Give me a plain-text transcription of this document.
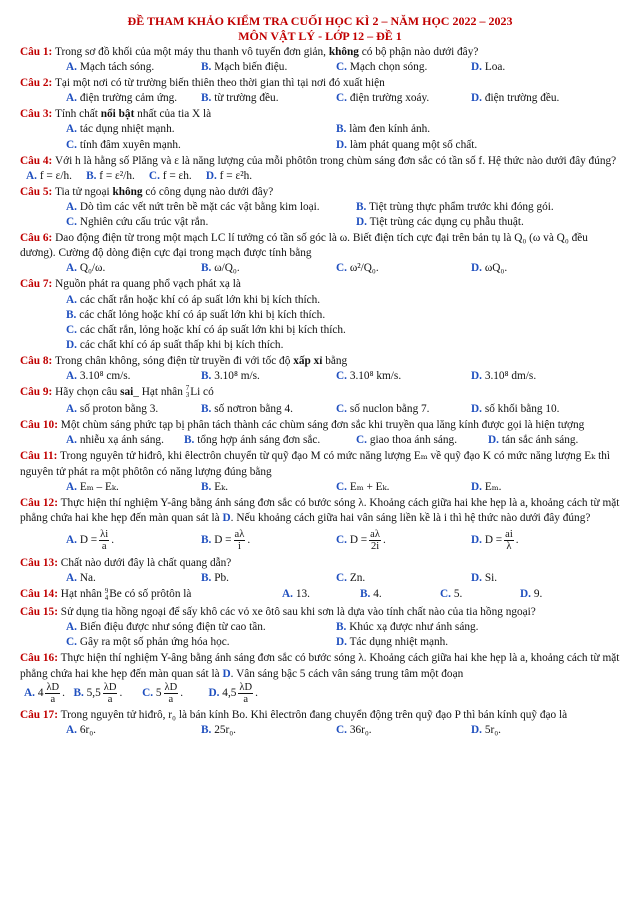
ĐỀ THAM KHẢO KIỂM TRA CUỐI HỌC KÌ 2 – NĂM HỌC 2022 – 2023
MÔN VẬT LÝ - LỚP 12 – ĐỀ 1
Câu 1: Trong sơ đồ khối của một máy thu thanh vô tuyến đơn giản, không có bộ phận nào dưới đây?
A. Mạch tách sóng.	B. Mạch biến điệu.	C. Mạch chọn sóng.	D. Loa.
Câu 2: Tại một nơi có từ trường biến thiên theo thời gian thì tại nơi đó xuất hiện
A. điện trường cảm ứng.	B. từ trường đều.	C. điện trường xoáy.	D. điện trường đều.
Câu 3: Tính chất nổi bật nhất của tia X là
A. tác dụng nhiệt mạnh.	B. làm đen kính ảnh.
C. tính đâm xuyên mạnh.	D. làm phát quang một số chất.
Câu 4: Với h là hằng số Plăng và ε là năng lượng của mỗi phôtôn trong chùm sáng đơn sắc có tần số f. Hệ thức nào dưới đây đúng? A. f = ε/h. B. f = ε²/h. C. f = εh. D. f = ε²h.
Câu 5: Tia tử ngoại không có công dụng nào dưới đây?
A. Dò tìm các vết nứt trên bề mặt các vật bằng kim loại.	B. Tiệt trùng thực phẩm trước khi đóng gói.
C. Nghiên cứu cấu trúc vật rắn.	D. Tiệt trùng các dụng cụ phẫu thuật.
Câu 6: Dao động điện từ trong một mạch LC lí tưởng có tần số góc là ω. Biết điện tích cực đại trên bản tụ là Q₀ (ω và Q₀ đều dương). Cường độ dòng điện cực đại trong mạch được tính bằng
A. Q₀/ω.	B. ω/Q₀.	C. ω²/Q₀.	D. ωQ₀.
Câu 7: Nguồn phát ra quang phổ vạch phát xạ là
A. các chất rắn hoặc khí có áp suất lớn khi bị kích thích.
B. các chất lỏng hoặc khí có áp suất lớn khi bị kích thích.
C. các chất rắn, lỏng hoặc khí có áp suất lớn khi bị kích thích.
D. các chất khí có áp suất thấp khi bị kích thích.
Câu 8: Trong chân không, sóng điện từ truyền đi với tốc độ xấp xỉ bằng
A. 3.10⁸ cm/s.	B. 3.10⁸ m/s.	C. 3.10⁸ km/s.	D. 3.10⁸ dm/s.
Câu 9: Hãy chọn câu sai_ Hạt nhân 7
3 Li có
A. số proton bằng 3.	B. số nơtron bằng 4.	C. số nuclon bằng 7.	D. số khối bằng 10.
Câu 10: Một chùm sáng phức tạp bị phân tách thành các chùm sáng đơn sắc khi truyền qua lăng kính được gọi là hiện tượng
A. nhiễu xạ ánh sáng.	B. tổng hợp ánh sáng đơn sắc.	C. giao thoa ánh sáng.	D. tán sắc ánh sáng.
Câu 11: Trong nguyên tử hiđrô, khi êlectrôn chuyển từ quỹ đạo M có mức năng lượng Eₘ về quỹ đạo K có mức năng lượng Eₖ thì nguyên tử phát ra một phôtôn có năng lượng đúng bằng
A. Eₘ – Eₖ.	B. Eₖ.	C. Eₘ + Eₖ.	D. Eₘ.
Câu 12: Thực hiện thí nghiệm Y-âng bằng ánh sáng đơn sắc có bước sóng λ. Khoảng cách giữa hai khe hẹp là a, khoảng cách từ mặt phẳng chứa hai khe hẹp đến màn quan sát là D. Nếu khoảng cách giữa hai vân sáng liền kề là i thì hệ thức nào dưới đây đúng?
A. $D = \frac{\lambda i}{a}$ .	B. $D = \frac{a\lambda}{i}$ .	C. $D = \frac{a\lambda}{2i}$ .	D. $D = \frac{ai}{\lambda}$ .
Câu 13: Chất nào dưới đây là chất quang dẫn?
A. Na.	B. Pb.	C. Zn.	D. Si.
Câu 14: Hạt nhân 9
4 Be có số prôtôn là	A. 13.	B. 4.	C. 5.	D. 9.
Câu 15: Sử dụng tia hồng ngoại để sấy khô các vỏ xe ôtô sau khi sơn là dựa vào tính chất nào của tia hồng ngoại?
A. Biến điệu được như sóng điện từ cao tần.	B. Khúc xạ được như ánh sáng.
C. Gây ra một số phản ứng hóa học.	D. Tác dụng nhiệt mạnh.
Câu 16: Thực hiện thí nghiệm Y-âng bằng ánh sáng đơn sắc có bước sóng λ. Khoảng cách giữa hai khe hẹp là a, khoảng cách từ mặt phẳng chứa hai khe hẹp đến màn quan sát là D. Vân sáng bậc 5 cách vân sáng trung tâm một đoạn A. $4 \frac{\lambda D}{a}$ . B. $5,5 \frac{\lambda D}{a}$ . C. $5 \frac{\lambda D}{a}$ . D. $4,5 \frac{\lambda D}{a}$ .
Câu 17: Trong nguyên tử hiđrô, r₀ là bán kính Bo. Khi êlectrôn đang chuyển động trên quỹ đạo P thì bán kính quỹ đạo là
A. 6r₀.	B. 25r₀.	C. 36r₀.	D. 5r₀.
